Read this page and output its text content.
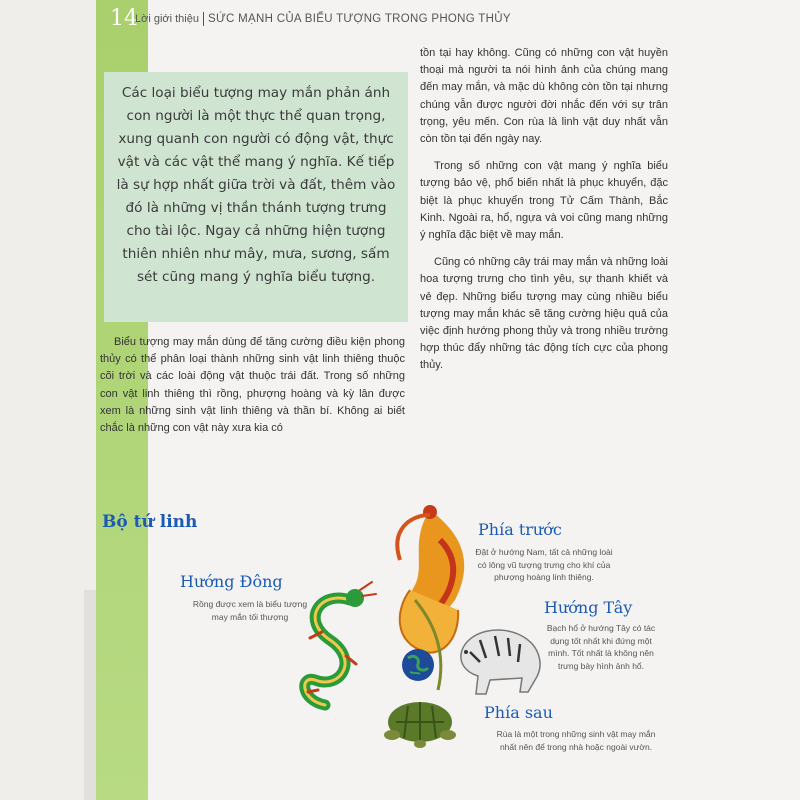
14
Lời giới thiệu SỨC MẠNH CỦA BIỂU TƯỢNG TRONG PHONG THỦY

Các loại biểu tượng may mắn phản ánh con người là một thực thể quan trọng, xung quanh con người có động vật, thực vật và các vật thể mang ý nghĩa. Kế tiếp là sự hợp nhất giữa trời và đất, thêm vào đó là những vị thần thánh tượng trưng cho tài lộc. Ngay cả những hiện tượng thiên nhiên như mây, mưa, sương, sấm sét cũng mang ý nghĩa biểu tượng.

Biểu tượng may mắn dùng để tăng cường điều kiện phong thủy có thể phân loại thành những sinh vật linh thiêng thuộc cõi trời và các loài động vật thuộc trái đất. Trong số những con vật linh thiêng thì rồng, phượng hoàng và kỳ lân được xem là những sinh vật linh thiêng và thần bí. Không ai biết chắc là những con vật này xưa kia có

tồn tại hay không. Cũng có những con vật huyền thoại mà người ta nói hình ảnh của chúng mang đến may mắn, và mặc dù không còn tồn tại nhưng chúng vẫn được người đời nhắc đến với sự trân trọng, yêu mến. Con rùa là linh vật duy nhất vẫn còn tồn tại đến ngày nay.

Trong số những con vật mang ý nghĩa biểu tượng bảo vệ, phổ biến nhất là phục khuyển, đặc biệt là phục khuyển trong Tử Cấm Thành, Bắc Kinh. Ngoài ra, hổ, ngựa và voi cũng mang những ý nghĩa đặc biệt về may mắn.

Cũng có những cây trái may mắn và những loài hoa tượng trưng cho tình yêu, sự thanh khiết và vẻ đẹp. Những biểu tượng may cùng nhiều biểu tượng may mắn khác sẽ tăng cường hiệu quả của việc định hướng phong thủy và trong nhiều trường hợp thúc đẩy những tác động tích cực của phong thủy.

Bộ tứ linh
Hướng Đông
Rồng được xem là biểu tượng may mắn tối thượng
Phía trước
Đặt ở hướng Nam, tất cả những loài có lông vũ tượng trưng cho khí của phượng hoàng linh thiêng.
Hướng Tây
Bạch hổ ở hướng Tây có tác dụng tốt nhất khi đứng một mình. Tốt nhất là không nên trưng bày hình ảnh hổ.
Phía sau
Rùa là một trong những sinh vật may mắn nhất nên để trong nhà hoặc ngoài vườn.
